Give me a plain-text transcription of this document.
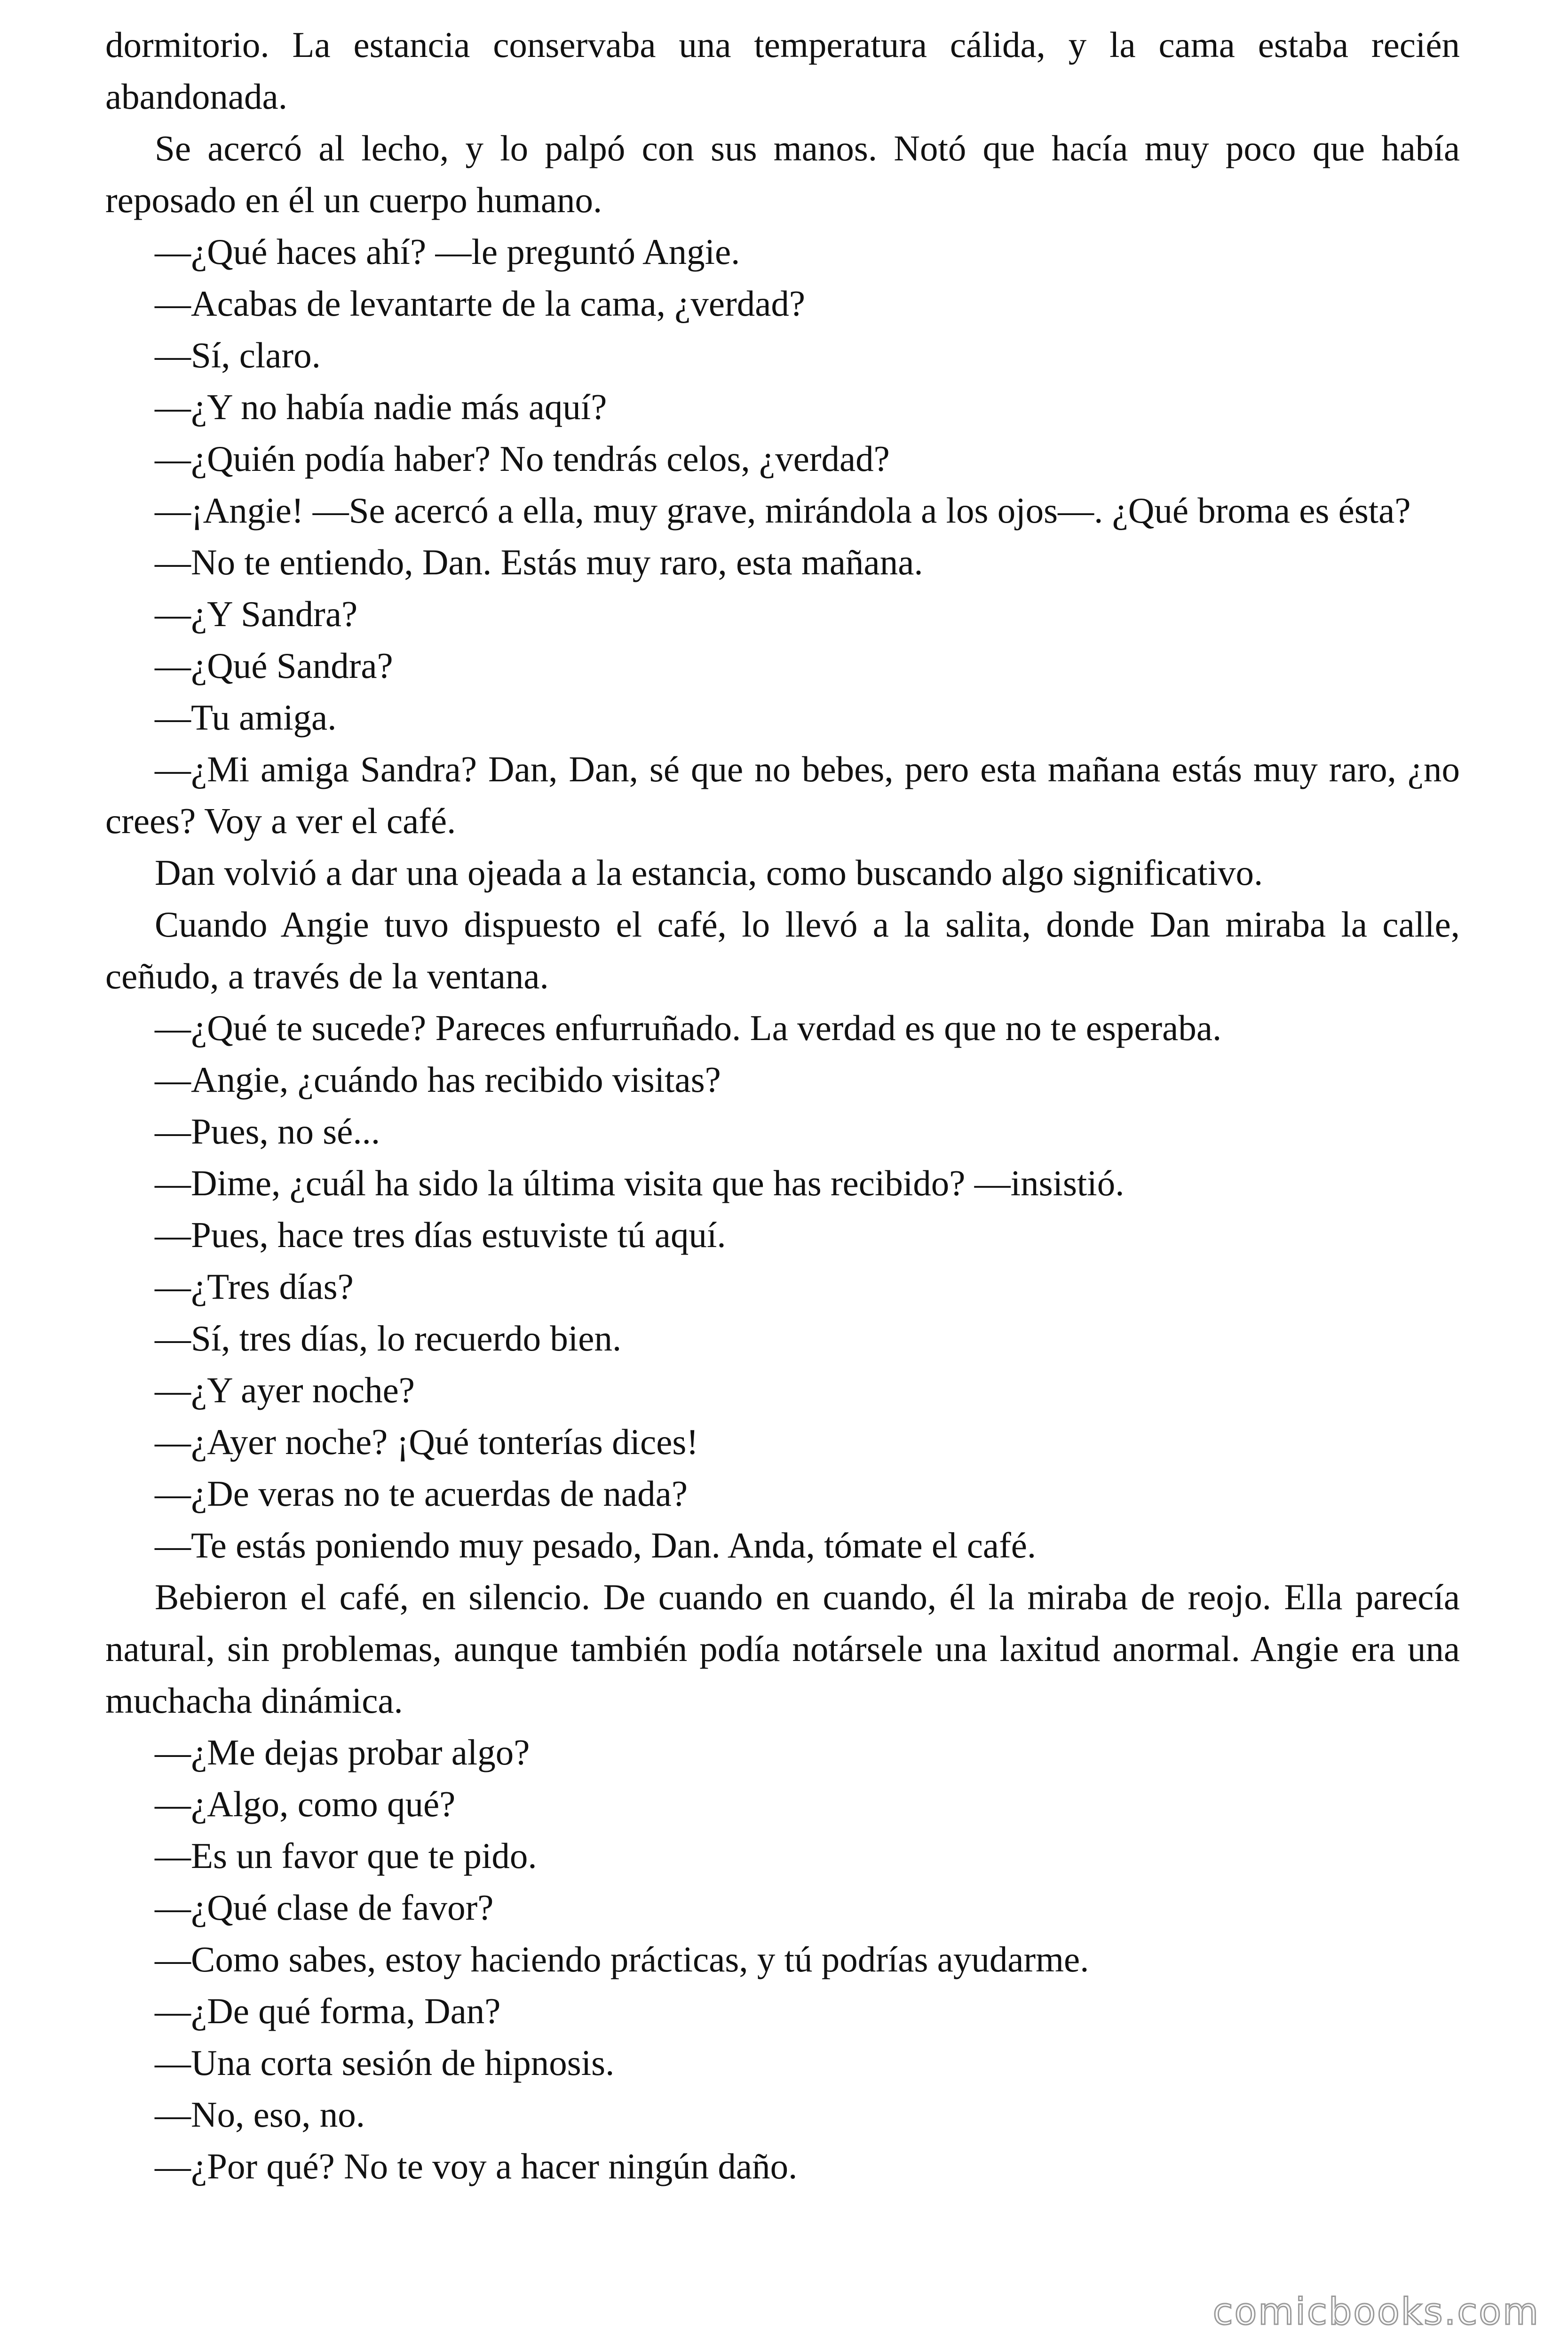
dormitorio. La estancia conservaba una temperatura cálida, y la cama estaba recién abandonada.

Se acercó al lecho, y lo palpó con sus manos. Notó que hacía muy poco que había reposado en él un cuerpo humano.

—¿Qué haces ahí? —le preguntó Angie.

—Acabas de levantarte de la cama, ¿verdad?

—Sí, claro.

—¿Y no había nadie más aquí?

—¿Quién podía haber? No tendrás celos, ¿verdad?

—¡Angie! —Se acercó a ella, muy grave, mirándola a los ojos—. ¿Qué broma es ésta?

—No te entiendo, Dan. Estás muy raro, esta mañana.

—¿Y Sandra?

—¿Qué Sandra?

—Tu amiga.

—¿Mi amiga Sandra? Dan, Dan, sé que no bebes, pero esta mañana estás muy raro, ¿no crees? Voy a ver el café.

Dan volvió a dar una ojeada a la estancia, como buscando algo significativo.

Cuando Angie tuvo dispuesto el café, lo llevó a la salita, donde Dan miraba la calle, ceñudo, a través de la ventana.

—¿Qué te sucede? Pareces enfurruñado. La verdad es que no te esperaba.

—Angie, ¿cuándo has recibido visitas?

—Pues, no sé...

—Dime, ¿cuál ha sido la última visita que has recibido? —insistió.

—Pues, hace tres días estuviste tú aquí.

—¿Tres días?

—Sí, tres días, lo recuerdo bien.

—¿Y ayer noche?

—¿Ayer noche? ¡Qué tonterías dices!

—¿De veras no te acuerdas de nada?

—Te estás poniendo muy pesado, Dan. Anda, tómate el café.

Bebieron el café, en silencio. De cuando en cuando, él la miraba de reojo. Ella parecía natural, sin problemas, aunque también podía notársele una laxitud anormal. Angie era una muchacha dinámica.

—¿Me dejas probar algo?

—¿Algo, como qué?

—Es un favor que te pido.

—¿Qué clase de favor?

—Como sabes, estoy haciendo prácticas, y tú podrías ayudarme.

—¿De qué forma, Dan?

—Una corta sesión de hipnosis.

—No, eso, no.

—¿Por qué? No te voy a hacer ningún daño.

comicbooks.com
